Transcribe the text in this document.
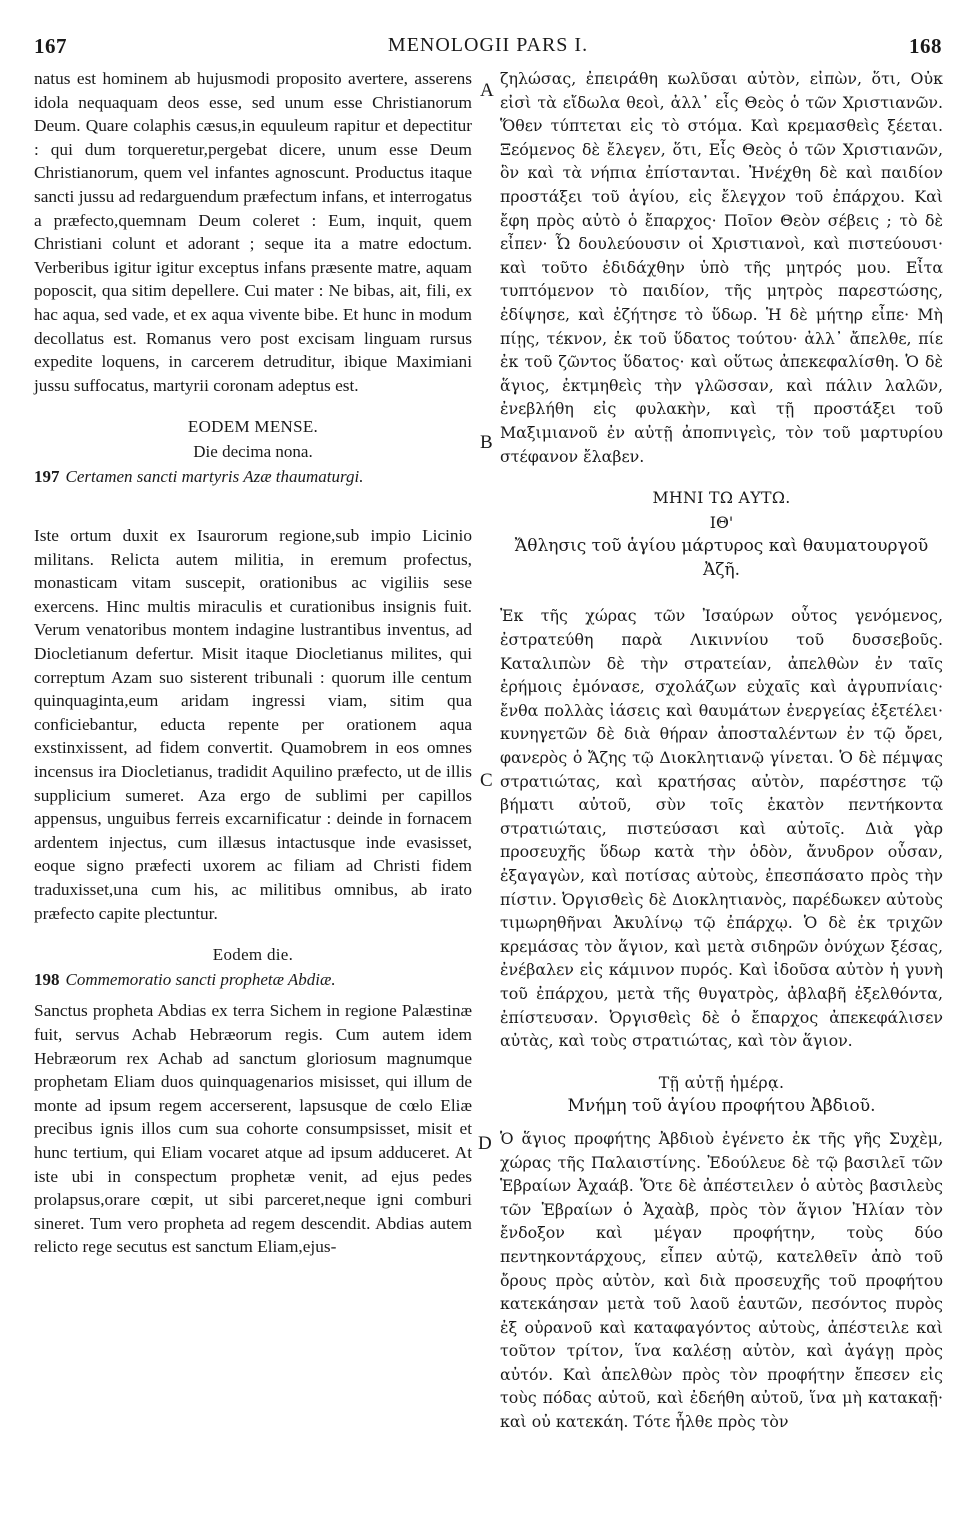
167	MENOLOGII PARS I.	168
A
B
C
D

natus est hominem ab hujusmodi proposito avertere, asserens idola nequaquam deos esse, sed unum esse Christianorum Deum. Quare colaphis cæsus,in equuleum rapitur et depectitur : qui dum torqueretur,pergebat dicere, unum esse Deum Christianorum, quem vel infantes agnoscunt. Productus itaque sancti jussu ad redarguendum præfectum infans, et interrogatus a præfecto,quemnam Deum coleret : Eum, inquit, quem Christiani colunt et adorant ; seque ita a matre edoctum. Verberibus igitur igitur exceptus infans præsente matre, aquam poposcit, qua sitim depellere. Cui mater : Ne bibas, ait, fili, ex hac aqua, sed vade, et ex aqua vivente bibe. Et hunc in modum decollatus est. Romanus vero post excisam linguam rursus expedite loquens, in carcerem detruditur, ibique Maximiani jussu suffocatus, martyrii coronam adeptus est.

EODEM MENSE.
Die decima nona.
197 Certamen sancti martyris Azæ thaumaturgi.

Iste ortum duxit ex Isaurorum regione,sub impio Licinio militans. Relicta autem militia, in eremum profectus, monasticam vitam suscepit, orationibus ac vigiliis sese exercens. Hinc multis miraculis et curationibus insignis fuit. Verum venatoribus montem indagine lustrantibus inventus, ad Diocletianum defertur. Misit itaque Diocletianus milites, qui correptum Azam suo sisterent tribunali : quorum ille centum quinquaginta,eum aridam ingressi viam, sitim qua conficiebantur, educta repente per orationem aqua exstinxissent, ad fidem convertit. Quamobrem in eos omnes incensus ira Diocletianus, tradidit Aquilino præfecto, ut de illis supplicium sumeret. Aza ergo de sublimi per capillos appensus, unguibus ferreis excarnificatur : deinde in fornacem ardentem injectus, cum illæsus intactusque inde evasisset, eoque signo præfecti uxorem ac filiam ad Christi fidem traduxisset,una cum his, ac militibus omnibus, ab irato præfecto capite plectuntur.

Eodem die.
198 Commemoratio sancti prophetæ Abdiæ.

Sanctus propheta Abdias ex terra Sichem in regione Palæstinæ fuit, servus Achab Hebræorum regis. Cum autem idem Hebræorum rex Achab ad sanctum gloriosum magnumque prophetam Eliam duos quinquagenarios misisset, qui illum de monte ad ipsum regem accerserent, lapsusque de cœlo Eliæ precibus ignis illos cum sua cohorte consumpsisset, misit et hunc tertium, qui Eliam vocaret atque ad ipsum adduceret. At iste ubi in conspectum prophetæ venit, ad ejus pedes prolapsus,orare cœpit, ut sibi parceret,neque igni comburi sineret. Tum vero propheta ad regem descendit. Abdias autem relicto rege secutus est sanctum Eliam,ejus-

ζηλώσας, ἐπειράθη κωλῦσαι αὐτὸν, εἰπὼν, ὅτι, Οὐκ εἰσὶ τὰ εἴδωλα θεοὶ, ἀλλ᾽ εἷς Θεὸς ὁ τῶν Χριστιανῶν. Ὅθεν τύπτεται εἰς τὸ στόμα. Καὶ κρεμασθεὶς ξέεται. Ξεόμενος δὲ ἔλεγεν, ὅτι, Εἷς Θεὸς ὁ τῶν Χριστιανῶν, ὃν καὶ τὰ νήπια ἐπίστανται. Ἠνέχθη δὲ καὶ παιδίον προστάξει τοῦ ἁγίου, εἰς ἔλεγχον τοῦ ἐπάρχου. Καὶ ἔφη πρὸς αὐτὸ ὁ ἔπαρχος· Ποῖον Θεὸν σέβεις ; τὸ δὲ εἶπεν· Ὦ δουλεύουσιν οἱ Χριστιανοὶ, καὶ πιστεύουσι· καὶ τοῦτο ἐδιδάχθην ὑπὸ τῆς μητρός μου. Εἶτα τυπτόμενον τὸ παιδίον, τῆς μητρὸς παρεστώσης, ἐδίψησε, καὶ ἐζήτησε τὸ ὕδωρ. Ἡ δὲ μήτηρ εἶπε· Μὴ πίῃς, τέκνον, ἐκ τοῦ ὕδατος τούτου· ἀλλ᾽ ἄπελθε, πίε ἐκ τοῦ ζῶντος ὕδατος· καὶ οὕτως ἀπεκεφαλίσθη. Ὁ δὲ ἅγιος, ἐκτμηθεὶς τὴν γλῶσσαν, καὶ πάλιν λαλῶν, ἐνεβλήθη εἰς φυλακὴν, καὶ τῇ προστάξει τοῦ Μαξιμιανοῦ ἐν αὐτῇ ἀποπνιγεὶς, τὸν τοῦ μαρτυρίου στέφανον ἔλαβεν.

ΜΗΝΙ ΤΩ ΑΥΤΩ.
ΙΘ'
Ἄθλησις τοῦ ἁγίου μάρτυρος καὶ θαυματουργοῦ Ἀζῆ.

Ἐκ τῆς χώρας τῶν Ἰσαύρων οὗτος γενόμενος, ἐστρατεύθη παρὰ Λικιννίου τοῦ δυσσεβοῦς. Καταλιπὼν δὲ τὴν στρατείαν, ἀπελθὼν ἐν ταῖς ἐρήμοις ἐμόνασε, σχολάζων εὐχαῖς καὶ ἀγρυπνίαις· ἔνθα πολλὰς ἰάσεις καὶ θαυμάτων ἐνεργείας ἐξετέλει· κυνηγετῶν δὲ διὰ θήραν ἀποσταλέντων ἐν τῷ ὄρει, φανερὸς ὁ Ἄζης τῷ Διοκλητιανῷ γίνεται. Ὁ δὲ πέμψας στρατιώτας, καὶ κρατήσας αὐτὸν, παρέστησε τῷ βήματι αὐτοῦ, σὺν τοῖς ἑκατὸν πεντήκοντα στρατιώταις, πιστεύσασι καὶ αὐτοῖς. Διὰ γὰρ προσευχῆς ὕδωρ κατὰ τὴν ὁδὸν, ἄνυδρον οὖσαν, ἐξαγαγὼν, καὶ ποτίσας αὐτοὺς, ἐπεσπάσατο πρὸς τὴν πίστιν. Ὀργισθεὶς δὲ Διοκλητιανὸς, παρέδωκεν αὐτοὺς τιμωρηθῆναι Ἀκυλίνῳ τῷ ἐπάρχῳ. Ὁ δὲ ἐκ τριχῶν κρεμάσας τὸν ἅγιον, καὶ μετὰ σιδηρῶν ὀνύχων ξέσας, ἐνέβαλεν εἰς κάμινον πυρός. Καὶ ἰδοῦσα αὐτὸν ἡ γυνὴ τοῦ ἐπάρχου, μετὰ τῆς θυγατρὸς, ἀβλαβῆ ἐξελθόντα, ἐπίστευσαν. Ὀργισθεὶς δὲ ὁ ἔπαρχος ἀπεκεφάλισεν αὐτὰς, καὶ τοὺς στρατιώτας, καὶ τὸν ἅγιον.

Τῇ αὐτῇ ἡμέρᾳ.
Μνήμη τοῦ ἁγίου προφήτου Ἀβδιοῦ.

Ὁ ἅγιος προφήτης Ἀβδιοὺ ἐγένετο ἐκ τῆς γῆς Συχὲμ, χώρας τῆς Παλαιστίνης. Ἐδούλευε δὲ τῷ βασιλεῖ τῶν Ἑβραίων Ἀχαάβ. Ὅτε δὲ ἀπέστειλεν ὁ αὐτὸς βασιλεὺς τῶν Ἑβραίων ὁ Ἀχαὰβ, πρὸς τὸν ἅγιον Ἠλίαν τὸν ἔνδοξον καὶ μέγαν προφήτην, τοὺς δύο πεντηκοντάρχους, εἶπεν αὐτῷ, κατελθεῖν ἀπὸ τοῦ ὄρους πρὸς αὐτὸν, καὶ διὰ προσευχῆς τοῦ προφήτου κατεκάησαν μετὰ τοῦ λαοῦ ἑαυτῶν, πεσόντος πυρὸς ἐξ οὐρανοῦ καὶ καταφαγόντος αὐτοὺς, ἀπέστειλε καὶ τοῦτον τρίτον, ἵνα καλέσῃ αὐτὸν, καὶ ἀγάγῃ πρὸς αὐτόν. Καὶ ἀπελθὼν πρὸς τὸν προφήτην ἔπεσεν εἰς τοὺς πόδας αὐτοῦ, καὶ ἐδεήθη αὐτοῦ, ἵνα μὴ κατακαῇ· καὶ οὐ κατεκάη. Τότε ἦλθε πρὸς τὸν
